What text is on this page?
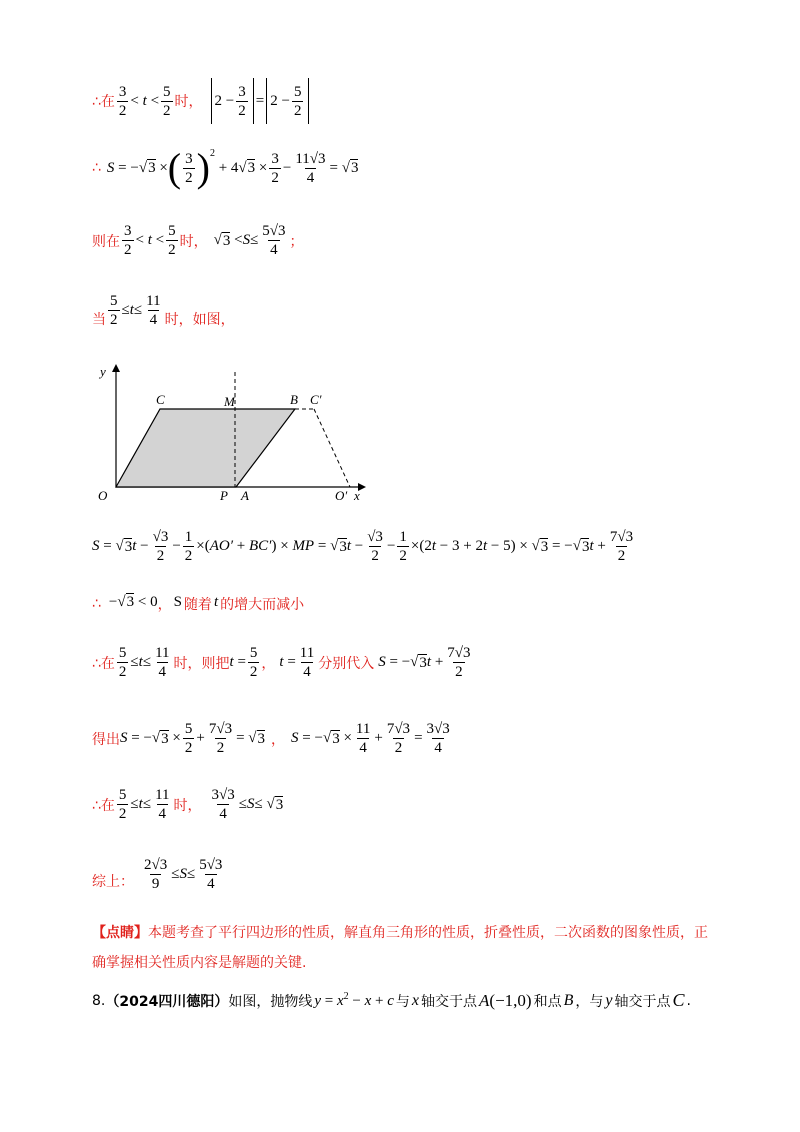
∴在 $\frac{3}{2} < t < \frac{5}{2}$ 时， $2 - \frac{3}{2} = 2 - \frac{5}{2}$
∴ S = −√ 3 × ( $\frac{3}{2} )^2$
+ 4√ $3 \times \frac{3}{2} - \frac{11√3}{4}$ = √ 3
则在 $\frac{3}{2} < t < \frac{5}{2}$ 时， √ $3 < S \le \frac{5√3}{4}$ ；
当 $\frac{5}{2} \le t \le \frac{11}{4}$ 时，如图，
y
C	M	B C′
O	P A	O′ x
S = √ 3 $t - \frac{√3}{2} - \frac{1}{2}$ ×( AO′ + BC′ ) × MP = √ 3 $t - \frac{√3}{2} - \frac{1}{2} \times(2$ t − 3 + 2 t − 5) × √ 3 = −√ 3 $t + \frac{7√3}{2}$
∴ −√3 < 0 ， S 随着 t 的增大而减小
∴在 $\frac{5}{2} \le t \le \frac{11}{4}$ 时，则把 $t = \frac{5}{2}$ ， $t = \frac{11}{4}$ 分别代入 S = −√ 3 $t + \frac{7√3}{2}$
得出 S = −√ $3 \times \frac{5}{2} + \frac{7√3}{2}$ = √ 3 ， S = −√ $3 \times \frac{11}{4} + \frac{7√3}{2} = \frac{3√3}{4}$
∴在 $\frac{5}{2} \le t \le \frac{11}{4}$ 时， $\frac{3√3}{4} \le S$ ≤ √ 3
综上： $\frac{2√3}{9} \le S \le \frac{5√3}{4}$
【点睛】本题考查了平行四边形的性质，解直角三角形的性质，折叠性质，二次函数的图象性质，正确掌握相关性质内容是解题的关键.
8. （2024四川德阳） 如图，抛物线 $y = x^2 - x + c$ 与 x 轴交于点 A(−1,0) 和点 B ，与 y 轴交于点 C .
